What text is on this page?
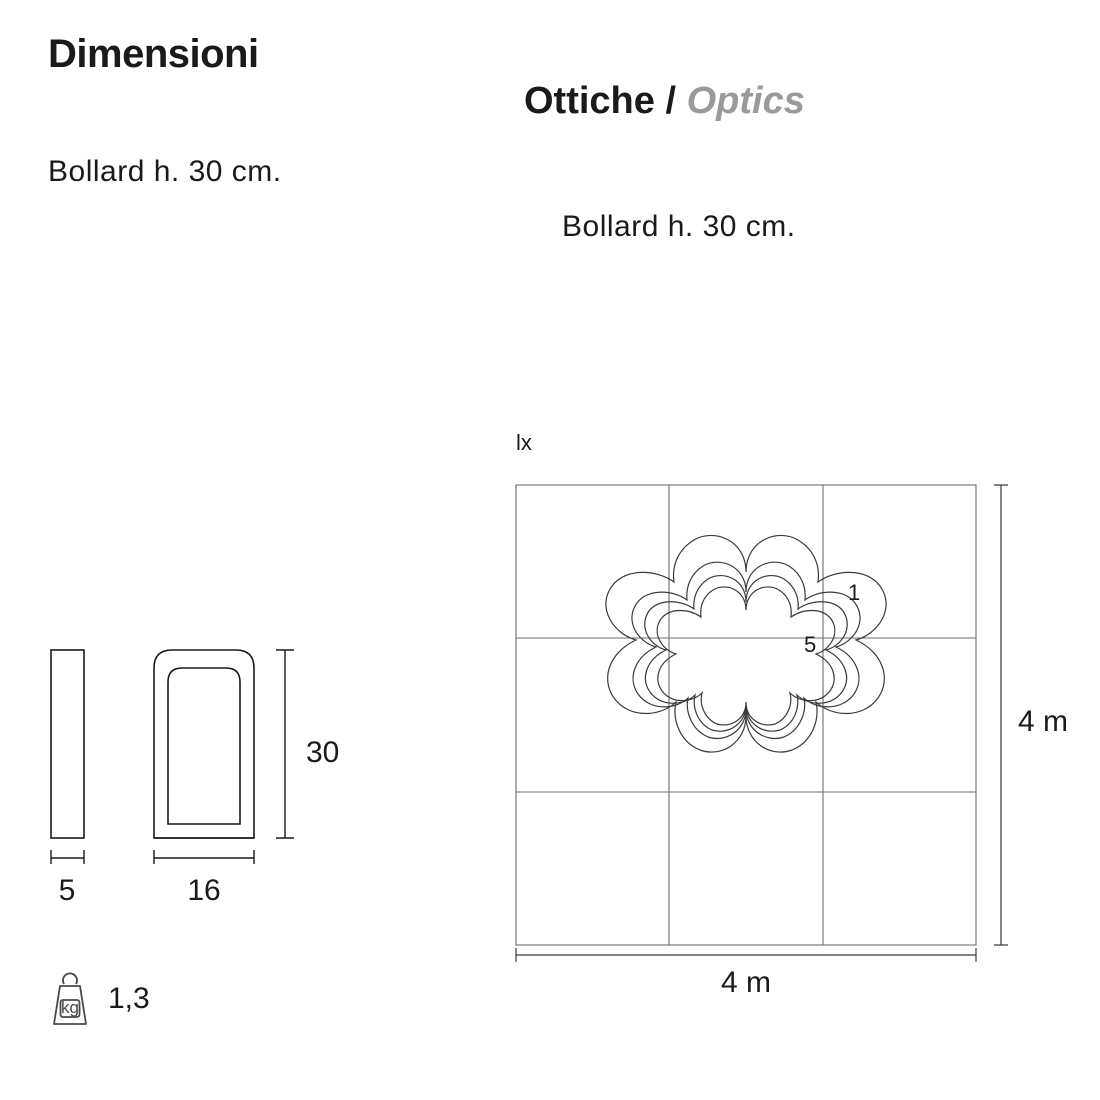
Dimensioni
Bollard h. 30 cm.
Ottiche / Optics
Bollard h. 30 cm.
30
5	16
kg 1,3
lx
1
5
4 m
4 m
